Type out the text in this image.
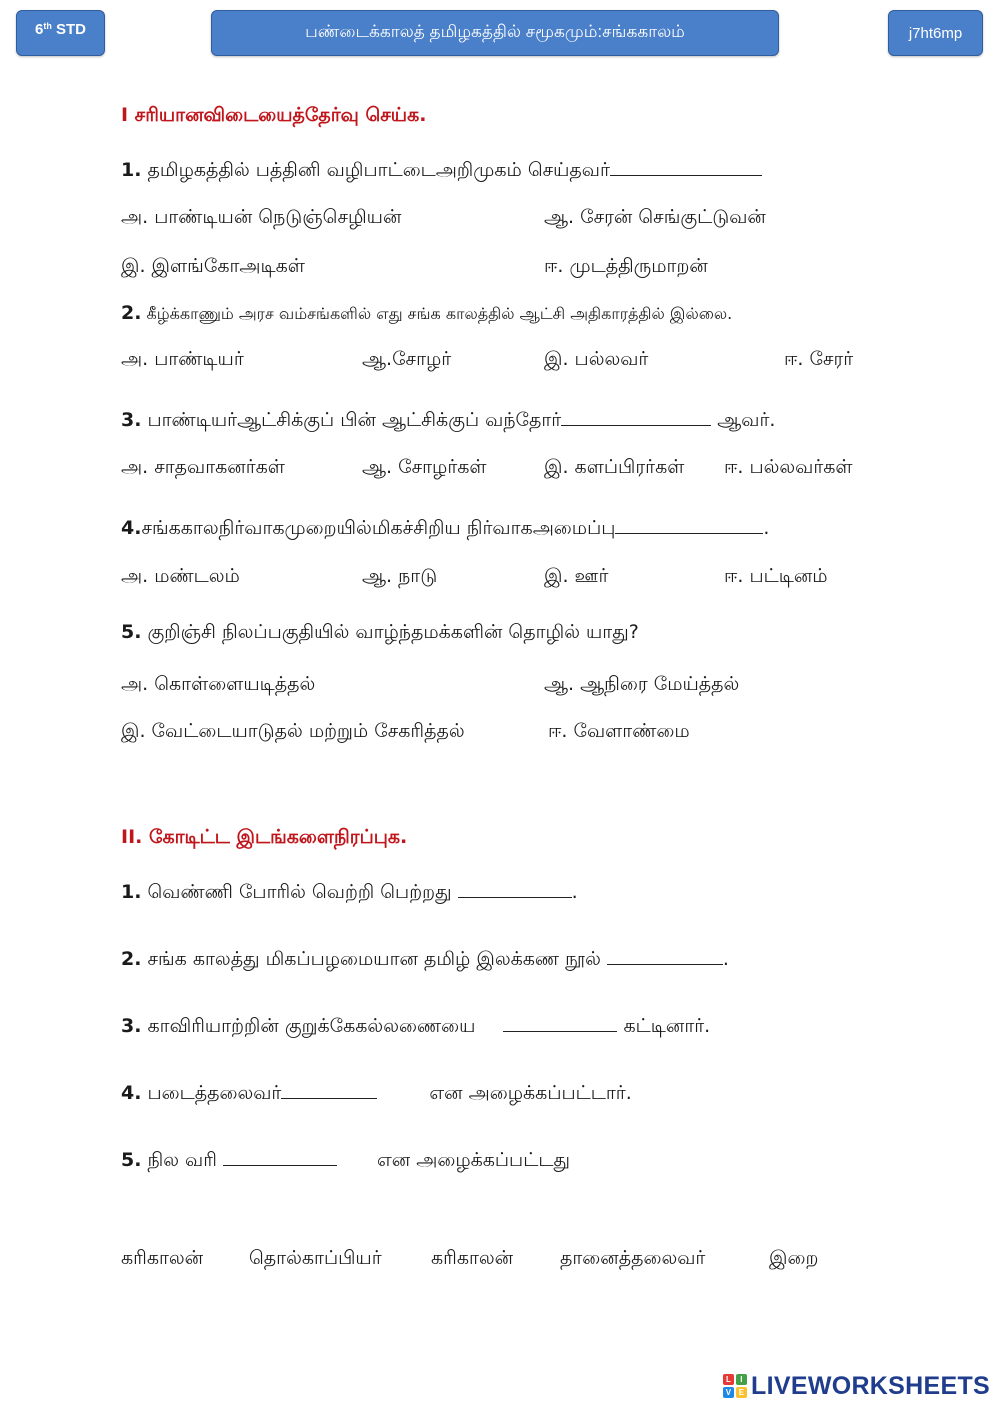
6th STD	பண்டைக்காலத் தமிழகத்தில் சமூகமும்:சங்ககாலம்	j7ht6mp
I சரியானவிடையைத்தேர்வு செய்க.
1. தமிழகத்தில் பத்தினி வழிபாட்டைஅறிமுகம் செய்தவர்
அ. பாண்டியன் நெடுஞ்செழியன்	ஆ. சேரன் செங்குட்டுவன்
இ. இளங்கோஅடிகள்	ஈ. முடத்திருமாறன்
2. கீழ்க்காணும் அரச வம்சங்களில் எது சங்க காலத்தில் ஆட்சி அதிகாரத்தில் இல்லை.
அ. பாண்டியர்	ஆ.சோழர்	இ. பல்லவர்	ஈ. சேரர்
3. பாண்டியர்ஆட்சிக்குப் பின் ஆட்சிக்குப் வந்தோர்	ஆவர்.
அ. சாதவாகனர்கள்	ஆ. சோழர்கள்	இ. களப்பிரர்கள் ஈ. பல்லவர்கள்
4.சங்ககாலநிர்வாகமுறையில்மிகச்சிறிய நிர்வாகஅமைப்பு	.
அ. மண்டலம்	ஆ. நாடு	இ. ஊர்	ஈ. பட்டினம்
5. குறிஞ்சி நிலப்பகுதியில் வாழ்ந்தமக்களின் தொழில் யாது?
அ. கொள்ளையடித்தல்	ஆ. ஆநிரை மேய்த்தல்
இ. வேட்டையாடுதல் மற்றும் சேகரித்தல்	ஈ. வேளாண்மை
II. கோடிட்ட இடங்களைநிரப்புக.
1. வெண்ணி போரில் வெற்றி பெற்றது	.
2. சங்க காலத்து மிகப்பழமையான தமிழ் இலக்கண நூல்	.
3. காவிரியாற்றின் குறுக்கேகல்லணையை	கட்டினார்.
4. படைத்தலைவர்	என அழைக்கப்பட்டார்.
5. நில வரி	என அழைக்கப்பட்டது
கரிகாலன் தொல்காப்பியர்	கரிகாலன் தானைத்தலைவர்	இறை
L	I
V E LIVEWORKSHEETS
